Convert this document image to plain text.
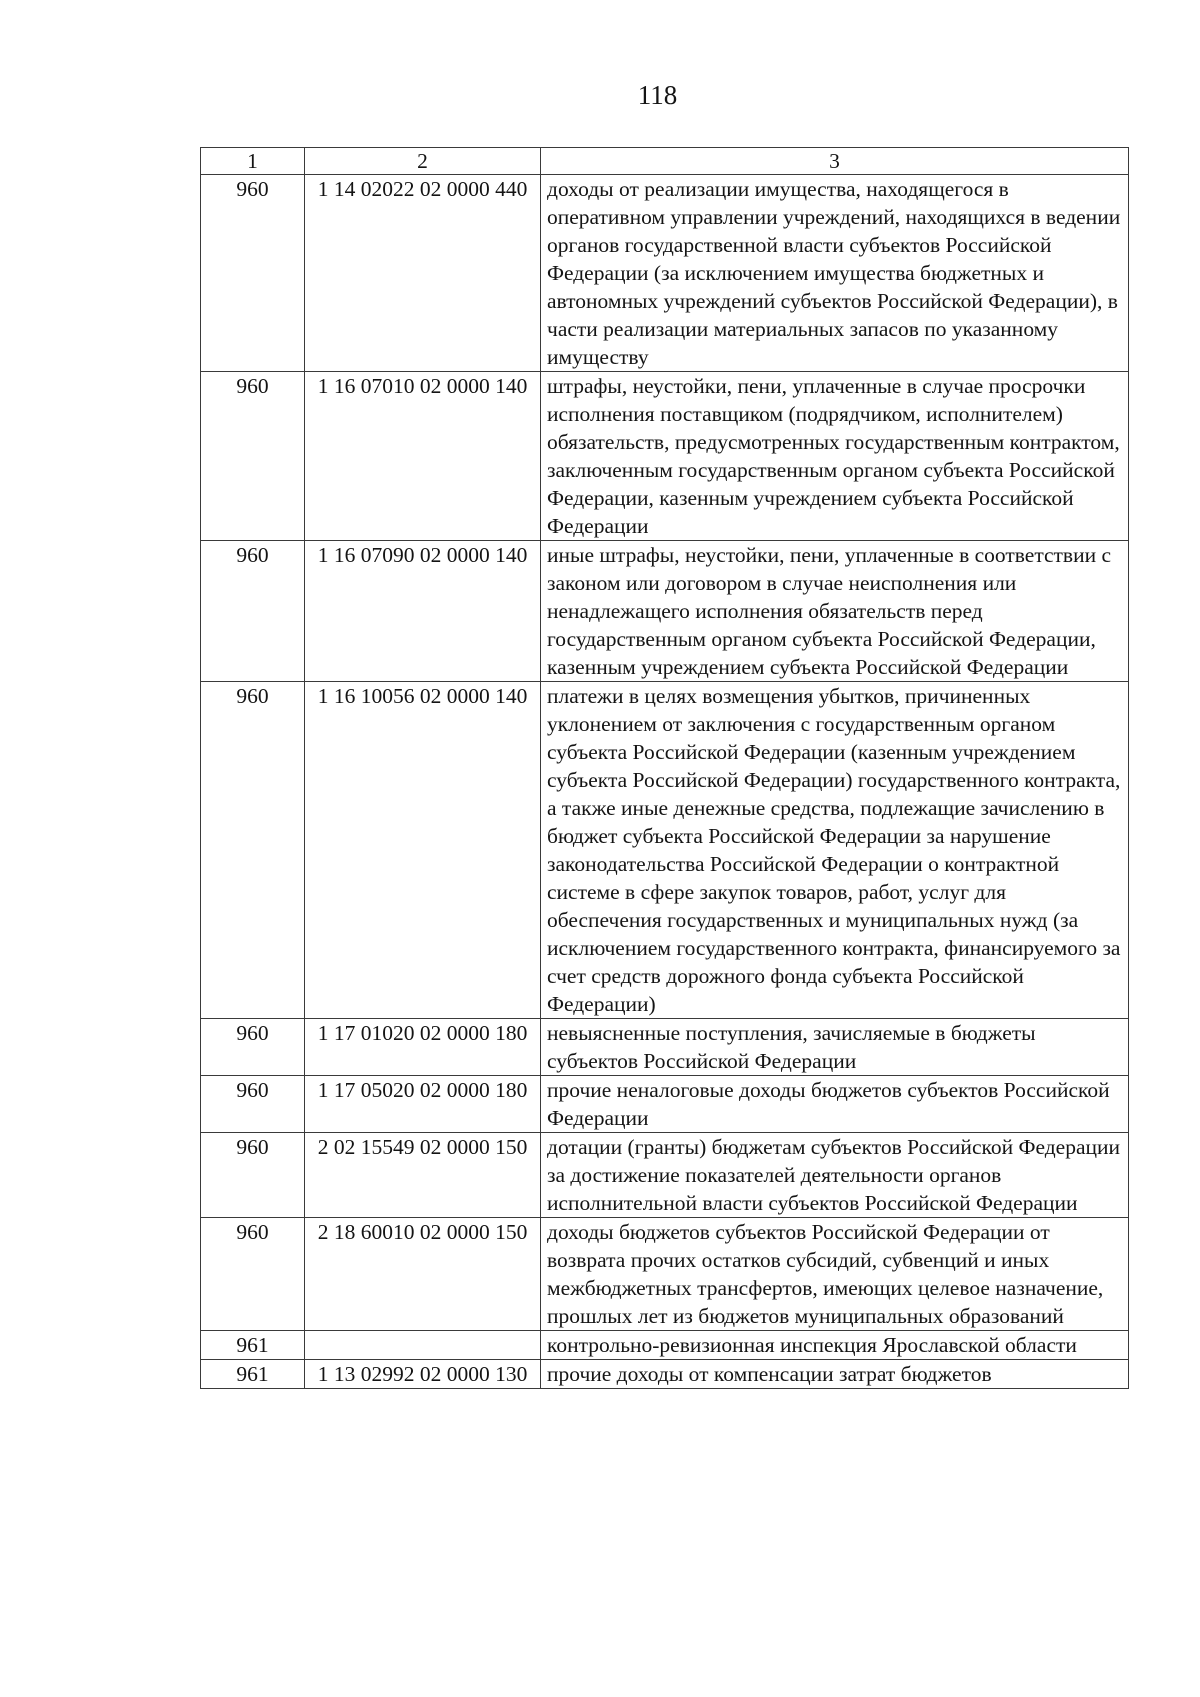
118
1	2	3
960	1 14 02022 02 0000 440	доходы от реализации имущества, находящегося в оперативном управлении учреждений, находящихся в ведении органов государственной власти субъектов Российской Федерации (за исключением имущества бюджетных и автономных учреждений субъектов Российской Федерации), в части реализации материальных запасов по указанному имуществу
960	1 16 07010 02 0000 140	штрафы, неустойки, пени, уплаченные в случае просрочки исполнения поставщиком (подрядчиком, исполнителем) обязательств, предусмотренных государственным контрактом, заключенным государственным органом субъекта Российской Федерации, казенным учреждением субъекта Российской Федерации
960	1 16 07090 02 0000 140	иные штрафы, неустойки, пени, уплаченные в соответствии с законом или договором в случае неисполнения или ненадлежащего исполнения обязательств перед государственным органом субъекта Российской Федерации, казенным учреждением субъекта Российской Федерации
960	1 16 10056 02 0000 140	платежи в целях возмещения убытков, причиненных уклонением от заключения с государственным органом субъекта Российской Федерации (казенным учреждением субъекта Российской Федерации) государственного контракта, а также иные денежные средства, подлежащие зачислению в бюджет субъекта Российской Федерации за нарушение законодательства Российской Федерации о контрактной системе в сфере закупок товаров, работ, услуг для обеспечения государственных и муниципальных нужд (за исключением государственного контракта, финансируемого за счет средств дорожного фонда субъекта Российской Федерации)
960	1 17 01020 02 0000 180	невыясненные поступления, зачисляемые в бюджеты субъектов Российской Федерации
960	1 17 05020 02 0000 180	прочие неналоговые доходы бюджетов субъектов Российской Федерации
960	2 02 15549 02 0000 150	дотации (гранты) бюджетам субъектов Российской Федерации за достижение показателей деятельности органов исполнительной власти субъектов Российской Федерации
960	2 18 60010 02 0000 150	доходы бюджетов субъектов Российской Федерации от возврата прочих остатков субсидий, субвенций и иных межбюджетных трансфертов, имеющих целевое назначение, прошлых лет из бюджетов муниципальных образований
961		контрольно-ревизионная инспекция Ярославской области
961	1 13 02992 02 0000 130	прочие доходы от компенсации затрат бюджетов
